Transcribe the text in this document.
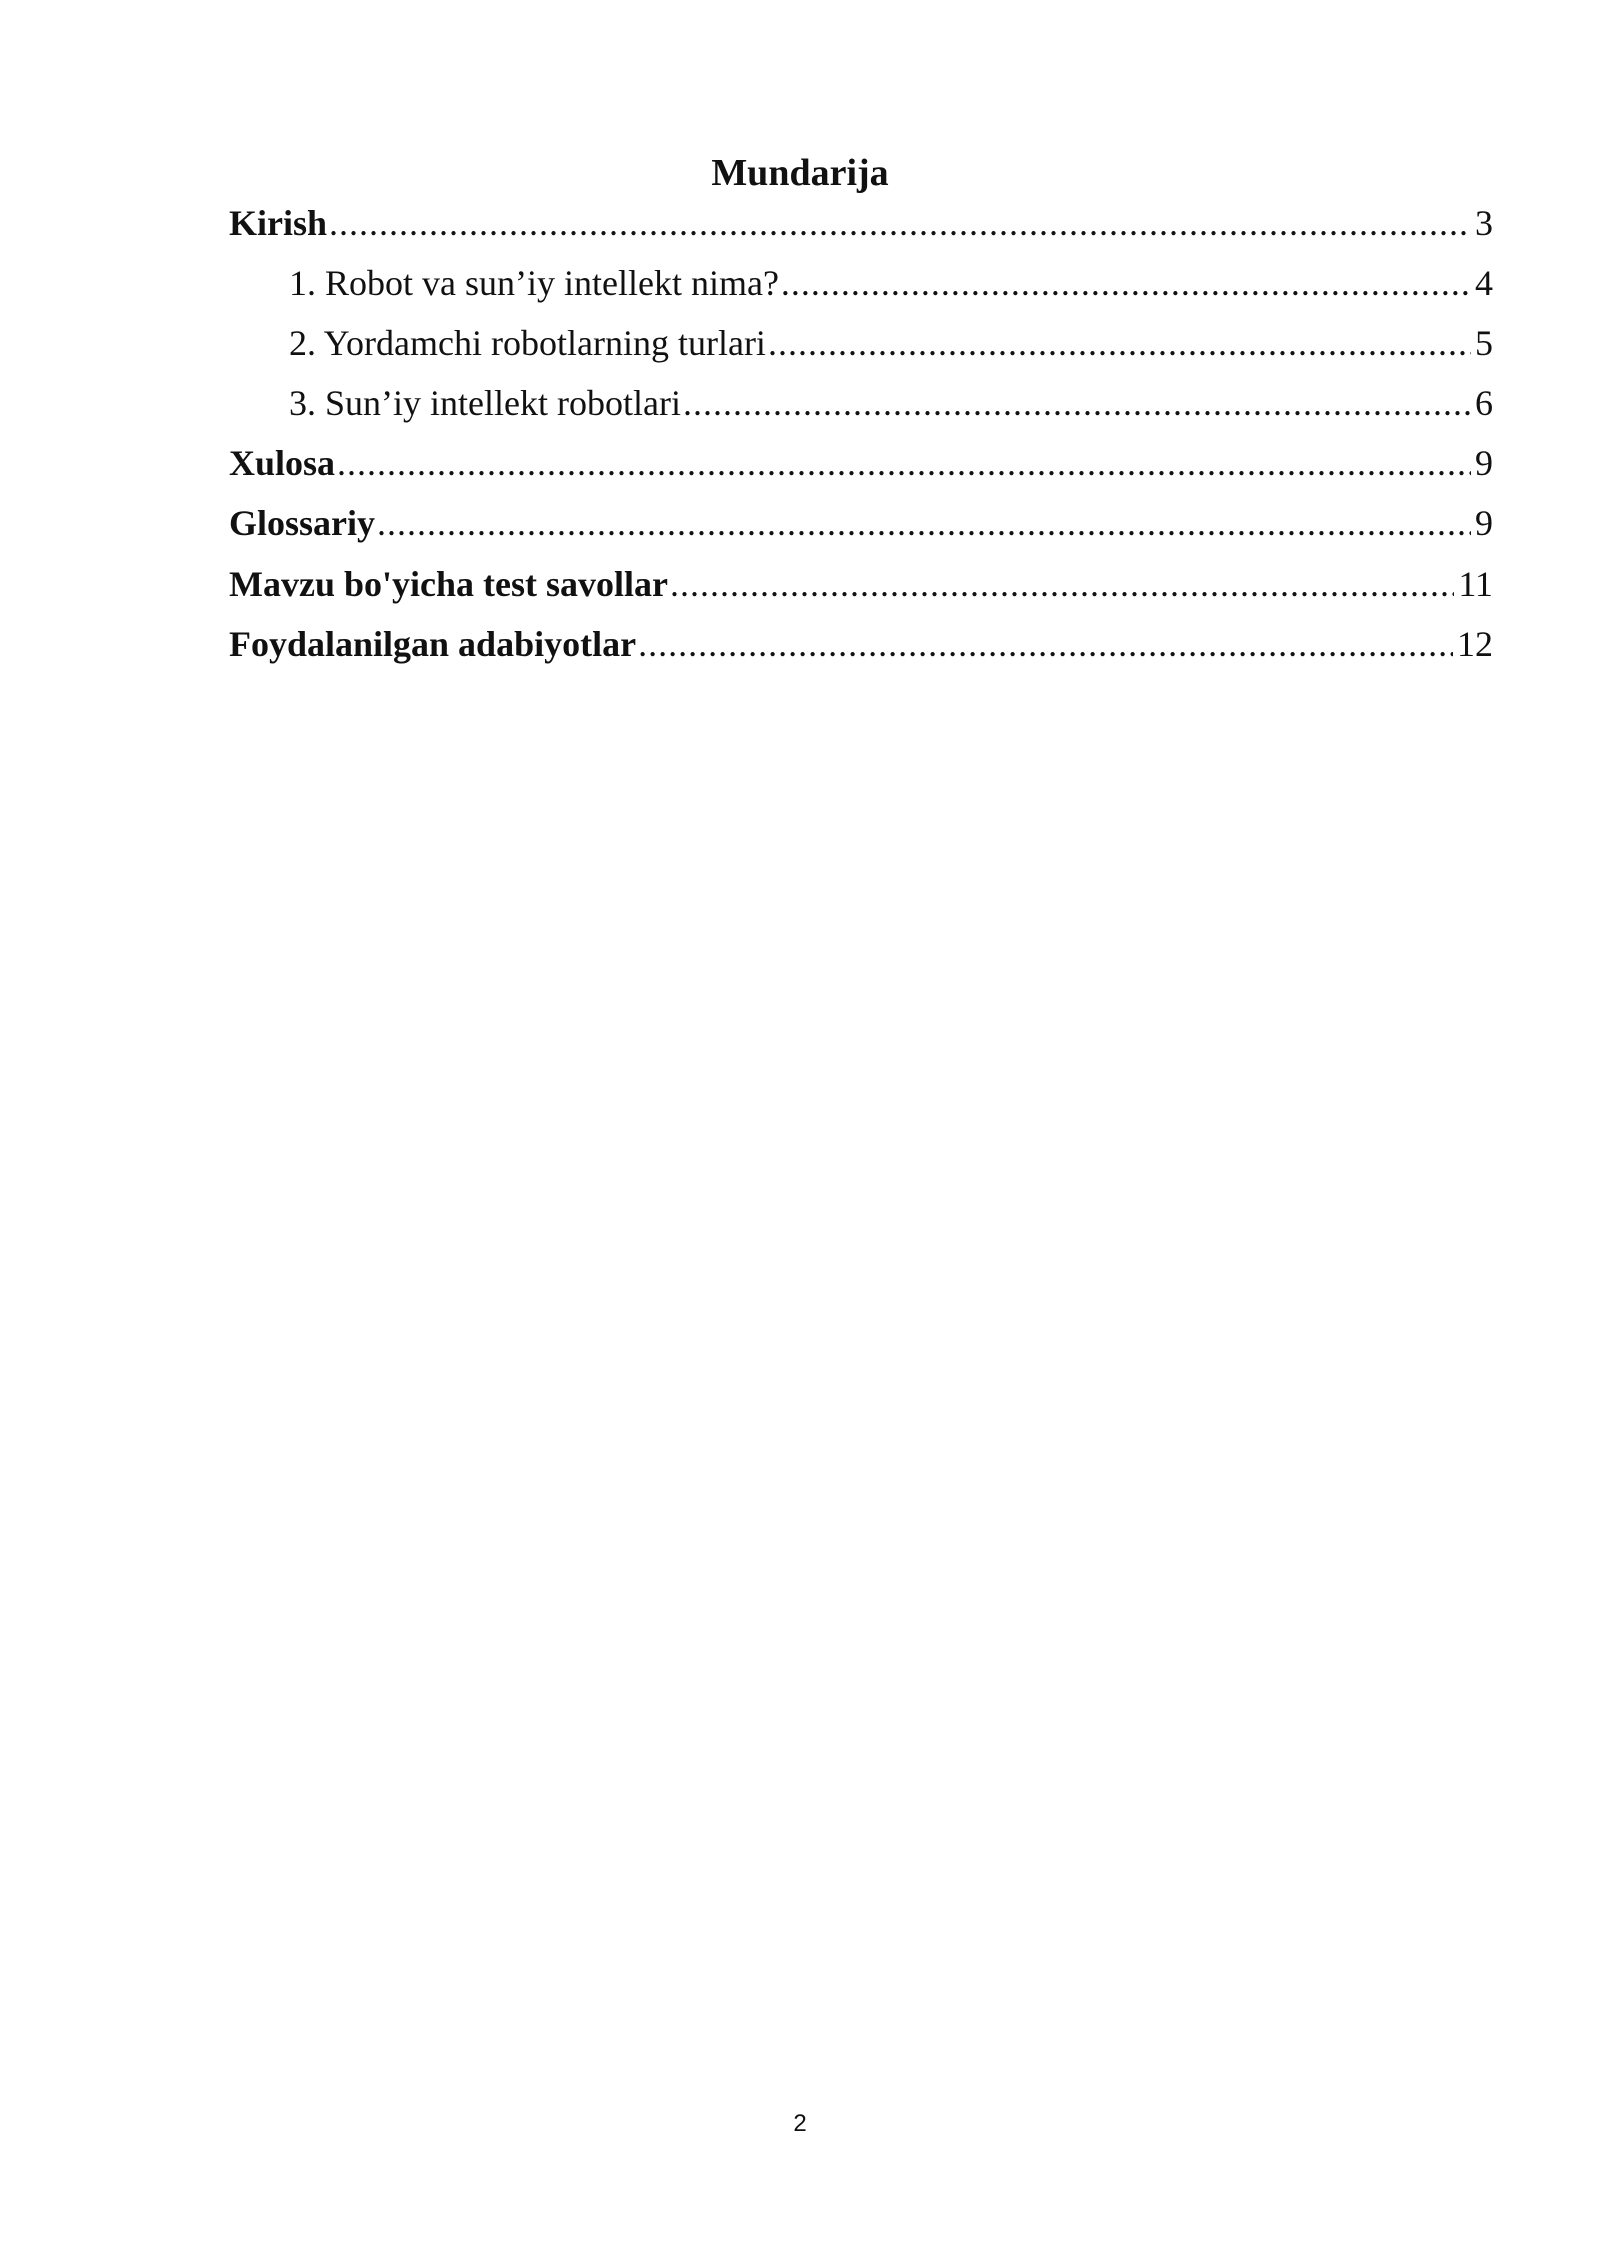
Mundarija
Kirish .....	3
1. Robot va sun’iy intellekt nima? .....	4
2. Yordamchi robotlarning turlari .....	5
3. Sun’iy intellekt robotlari .....	6
Xulosa .....	9
Glossariy .....	9
Mavzu bo'yicha test savollar .....	11
Foydalanilgan adabiyotlar .....	12
2
